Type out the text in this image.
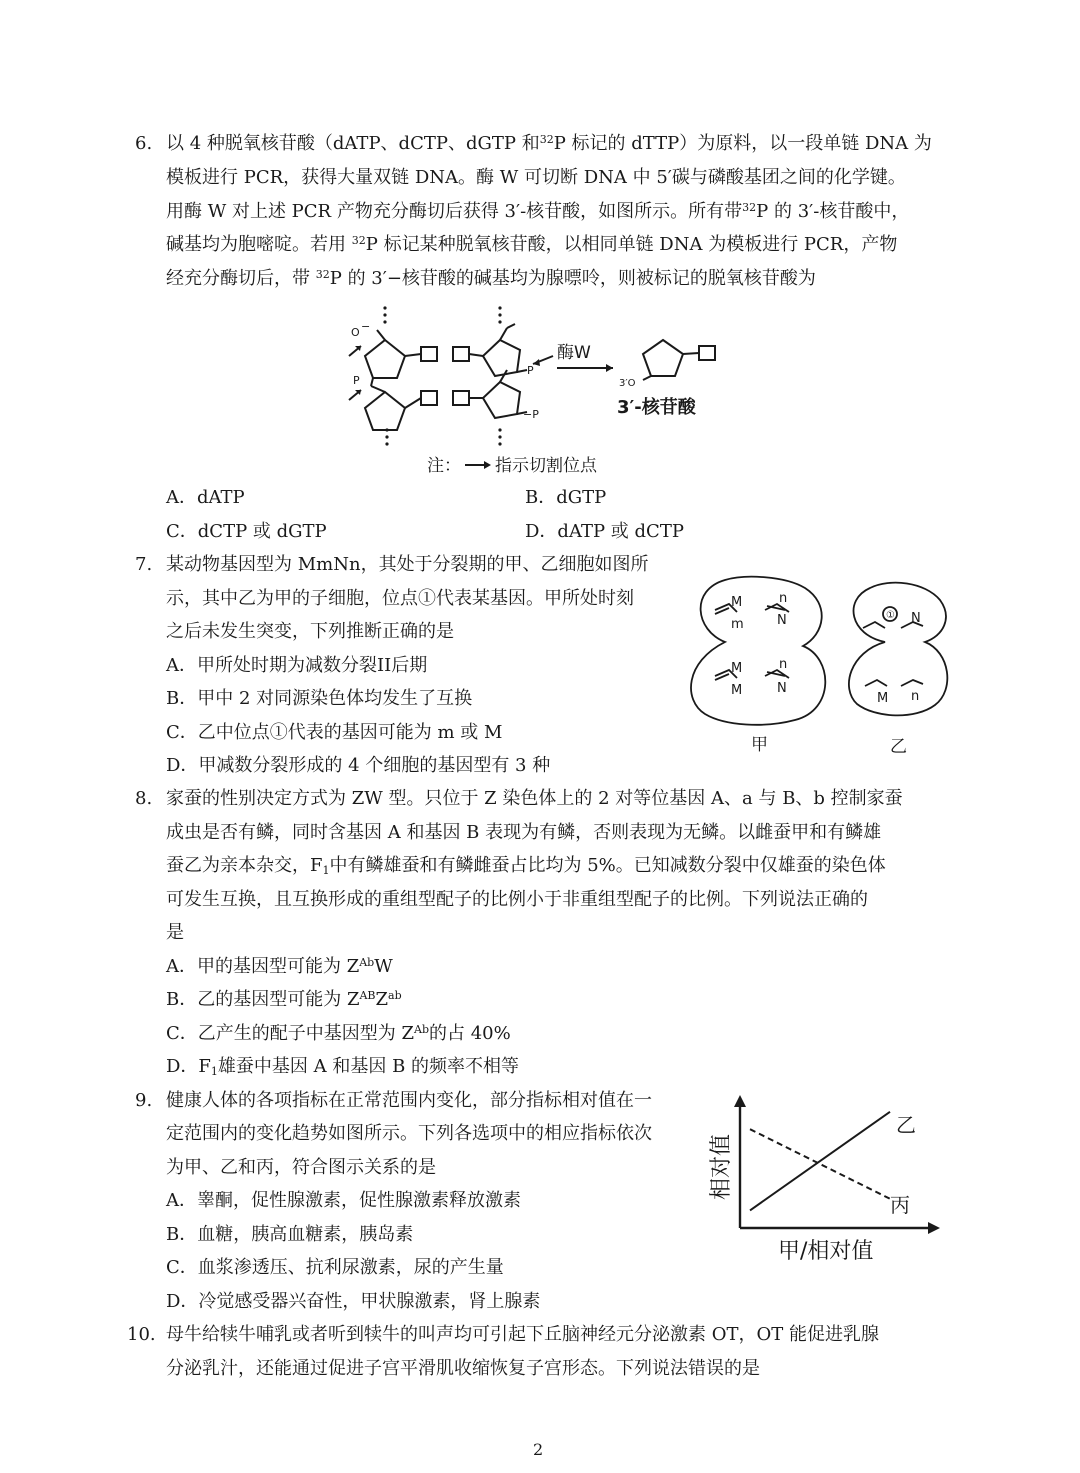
6. 以 4 种脱氧核苷酸（dATP、dCTP、dGTP 和$^{32}$P 标记的 dTTP）为原料，以一段单链 DNA 为
模板进行 PCR，获得大量双链 DNA。酶 W 可切断 DNA 中 5′碳与磷酸基团之间的化学键。
用酶 W 对上述 PCR 产物充分酶切后获得 3′-核苷酸，如图所示。所有带$^{32}$P 的 3′-核苷酸中，
碱基均为胞嘧啶。若用 $^{32}$P 标记某种脱氧核苷酸，以相同单链 DNA 为模板进行 PCR，产物
经充分酶切后，带 $^{32}$P 的 3′−核苷酸的碱基均为腺嘌呤，则被标记的脱氧核苷酸为
O −
P
P
−P
酶W
3′O
3′-核苷酸
注： 指示切割位点
A．dATP	B．dGTP
C．dCTP 或 dGTP	D．dATP 或 dCTP
7. 某动物基因型为 MmNn，其处于分裂期的甲、乙细胞如图所
示，其中乙为甲的子细胞，位点①代表某基因。甲所处时刻
之后未发生突变，下列推断正确的是
A．甲所处时期为减数分裂II后期
B．甲中 2 对同源染色体均发生了互换
C．乙中位点①代表的基因可能为 m 或 M
D．甲减数分裂形成的 4 个细胞的基因型有 3 种
M
m
n
N
M
M
n
N
① N
M n
甲	乙
8. 家蚕的性别决定方式为 ZW 型。只位于 Z 染色体上的 2 对等位基因 A、a 与 B、b 控制家蚕
成虫是否有鳞，同时含基因 A 和基因 B 表现为有鳞，否则表现为无鳞。以雌蚕甲和有鳞雄
蚕乙为亲本杂交，$F_1$中有鳞雄蚕和有鳞雌蚕占比均为 5%。已知减数分裂中仅雄蚕的染色体
可发生互换，且互换形成的重组型配子的比例小于非重组型配子的比例。下列说法正确的
是
A．甲的基因型可能为 $Z^{Ab}W$
B．乙的基因型可能为 $Z^{AB}Z^{ab}$
C．乙产生的配子中基因型为 $Z^{Ab}$的占 40%
D．$F_1$雄蚕中基因 A 和基因 B 的频率不相等
9. 健康人体的各项指标在正常范围内变化，部分指标相对值在一
定范围内的变化趋势如图所示。下列各选项中的相应指标依次
为甲、乙和丙，符合图示关系的是
A．睾酮，促性腺激素，促性腺激素释放激素
B．血糖，胰高血糖素，胰岛素
C．血浆渗透压、抗利尿激素，尿的产生量
D．冷觉感受器兴奋性，甲状腺激素，肾上腺素
相对值
甲/相对值
乙
丙
10. 母牛给犊牛哺乳或者听到犊牛的叫声均可引起下丘脑神经元分泌激素 OT，OT 能促进乳腺
分泌乳汁，还能通过促进子宫平滑肌收缩恢复子宫形态。下列说法错误的是
2
